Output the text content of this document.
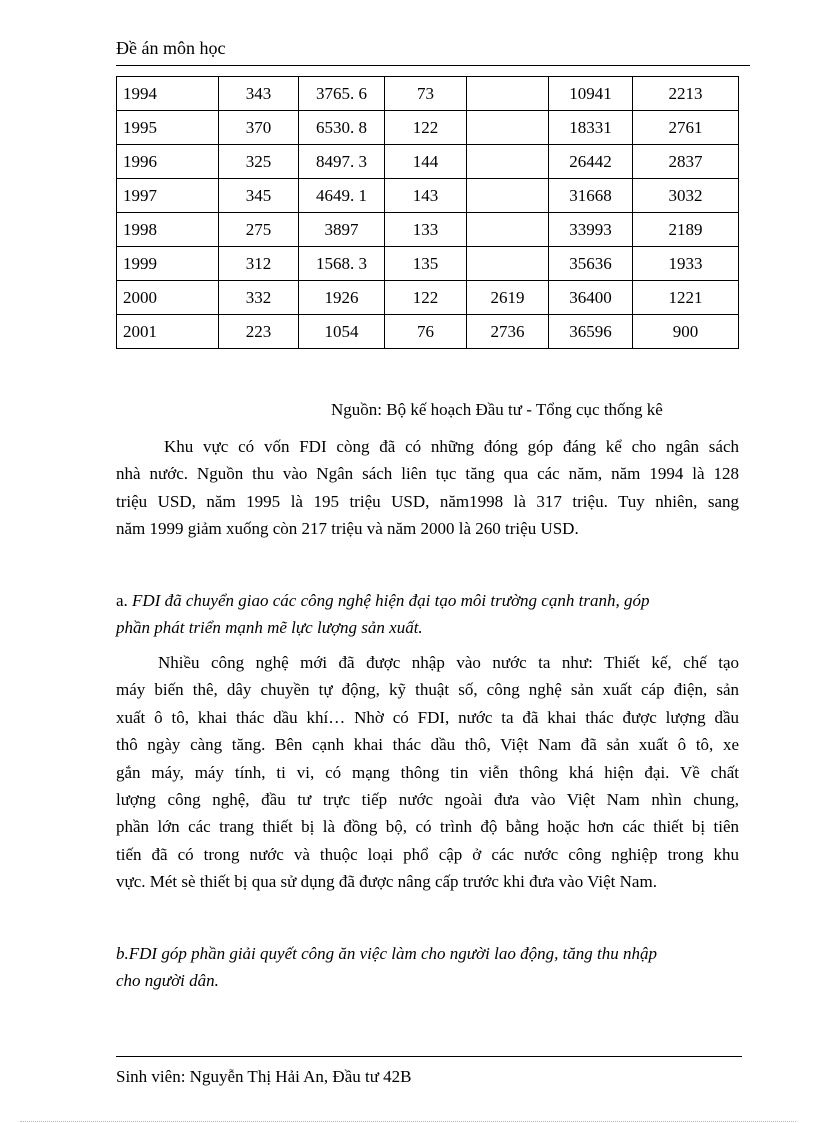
Đề án môn học
1994	343	3765. 6	73		10941	2213
1995	370	6530. 8	122		18331	2761
1996	325	8497. 3	144		26442	2837
1997	345	4649. 1	143		31668	3032
1998	275	3897	133		33993	2189
1999	312	1568. 3	135		35636	1933
2000	332	1926	122	2619	36400	1221
2001	223	1054	76	2736	36596	900
Nguồn: Bộ kế hoạch Đầu tư - Tổng cục thống kê
Khu vực có vốn FDI còng đã có những đóng góp đáng kể cho ngân sách
nhà nước. Nguồn thu vào Ngân sách liên tục tăng qua các năm, năm 1994 là 128
triệu USD, năm 1995 là 195 triệu USD, năm1998 là 317 triệu. Tuy nhiên, sang
năm 1999 giảm xuống còn 217 triệu và năm 2000 là 260 triệu USD.
a. FDI đã chuyển giao các công nghệ hiện đại tạo môi trường cạnh tranh, góp
phần phát triển mạnh mẽ lực lượng sản xuất.
Nhiều công nghệ mới đã được nhập vào nước ta như: Thiết kế, chế tạo
máy biến thê, dây chuyền tự động, kỹ thuật số, công nghệ sản xuất cáp điện, sản
xuất ô tô, khai thác dầu khí… Nhờ có FDI, nước ta đã khai thác được lượng dầu
thô ngày càng tăng. Bên cạnh khai thác dầu thô, Việt Nam đã sản xuất ô tô, xe
gắn máy, máy tính, ti vi, có mạng thông tin viễn thông khá hiện đại. Về chất
lượng công nghệ, đầu tư trực tiếp nước ngoài đưa vào Việt Nam nhìn chung,
phần lớn các trang thiết bị là đồng bộ, có trình độ bằng hoặc hơn các thiết bị tiên
tiến đã có trong nước và thuộc loại phổ cập ở các nước công nghiệp trong khu
vực. Mét sè thiết bị qua sử dụng đã được nâng cấp trước khi đưa vào Việt Nam.
b.FDI góp phần giải quyết công ăn việc làm cho người lao động, tăng thu nhập
cho người dân.
Sinh viên: Nguyễn Thị Hải An, Đầu tư 42B
